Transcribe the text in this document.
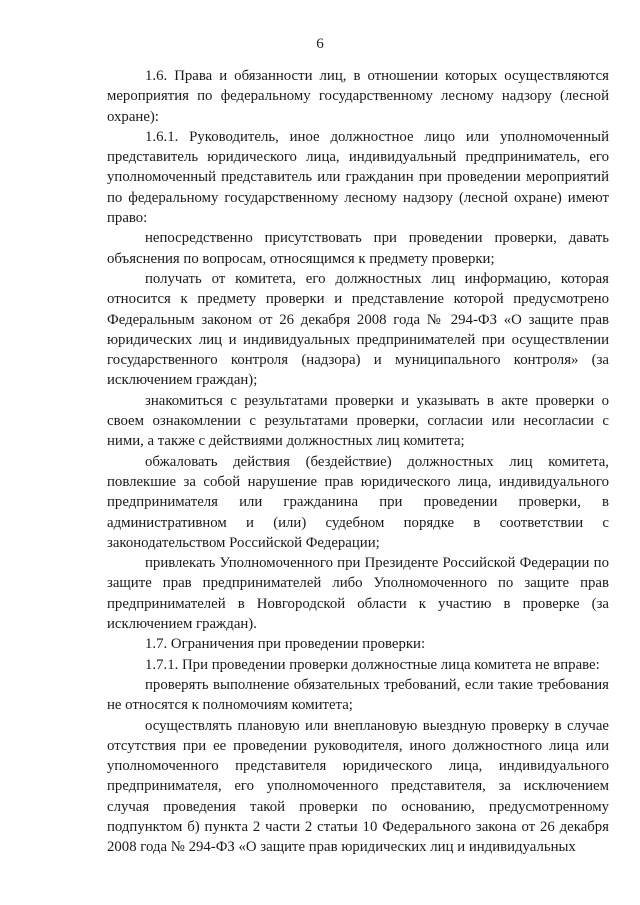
6

1.6. Права и обязанности лиц, в отношении которых осуществляются мероприятия по федеральному государственному лесному надзору (лесной охране):

1.6.1. Руководитель, иное должностное лицо или уполномоченный представитель юридического лица, индивидуальный предприниматель, его уполномоченный представитель или гражданин при проведении мероприятий по федеральному государственному лесному надзору (лесной охране) имеют право:

непосредственно присутствовать при проведении проверки, давать объяснения по вопросам, относящимся к предмету проверки;

получать от комитета, его должностных лиц информацию, которая относится к предмету проверки и представление которой предусмотрено Федеральным законом от 26 декабря 2008 года № 294-ФЗ «О защите прав юридических лиц и индивидуальных предпринимателей при осуществлении государственного контроля (надзора) и муниципального контроля» (за исключением граждан);

знакомиться с результатами проверки и указывать в акте проверки о своем ознакомлении с результатами проверки, согласии или несогласии с ними, а также с действиями должностных лиц комитета;

обжаловать действия (бездействие) должностных лиц комитета, повлекшие за собой нарушение прав юридического лица, индивидуального предпринимателя или гражданина при проведении проверки, в административном и (или) судебном порядке в соответствии с законодательством Российской Федерации;

привлекать Уполномоченного при Президенте Российской Федерации по защите прав предпринимателей либо Уполномоченного по защите прав предпринимателей в Новгородской области к участию в проверке (за исключением граждан).

1.7. Ограничения при проведении проверки:

1.7.1. При проведении проверки должностные лица комитета не вправе:

проверять выполнение обязательных требований, если такие требования не относятся к полномочиям комитета;

осуществлять плановую или внеплановую выездную проверку в случае отсутствия при ее проведении руководителя, иного должностного лица или уполномоченного представителя юридического лица, индивидуального предпринимателя, его уполномоченного представителя, за исключением случая проведения такой проверки по основанию, предусмотренному подпунктом б) пункта 2 части 2 статьи 10 Федерального закона от 26 декабря 2008 года № 294-ФЗ «О защите прав юридических лиц и индивидуальных
